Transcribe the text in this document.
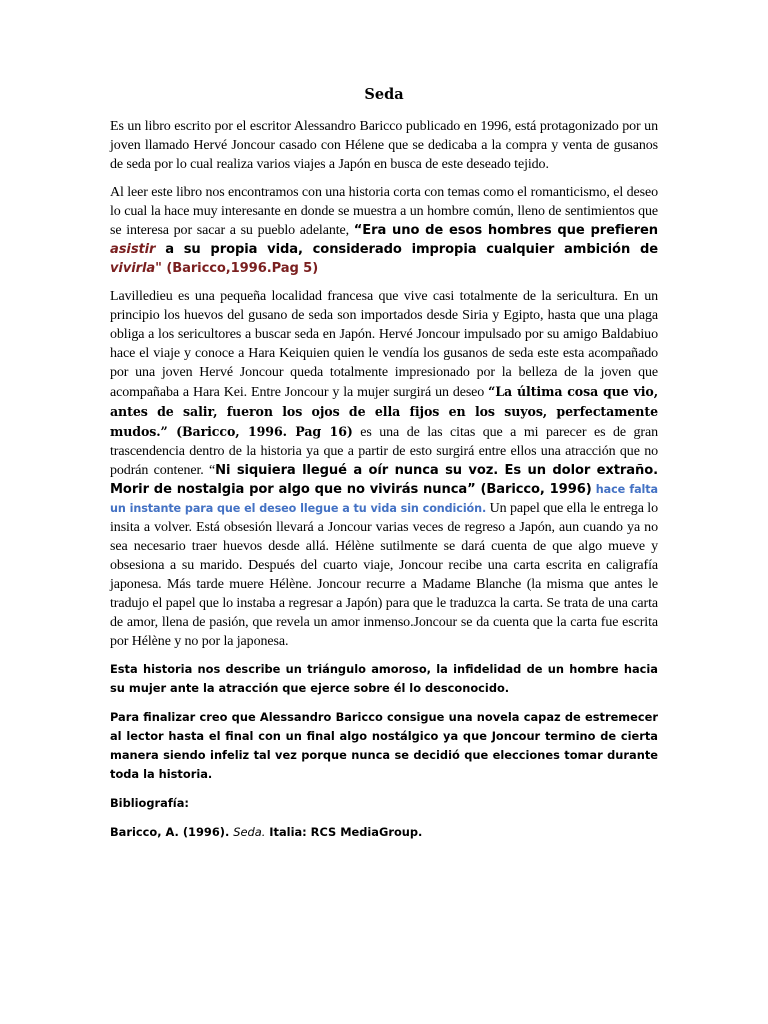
Seda

Es un libro escrito por el escritor Alessandro Baricco publicado en 1996, está protagonizado por un joven llamado Hervé Joncour casado con Hélene que se dedicaba a la compra y venta de gusanos de seda por lo cual realiza varios viajes a Japón en busca de este deseado tejido.

Al leer este libro nos encontramos con una historia corta con temas como el romanticismo, el deseo lo cual la hace muy interesante en donde se muestra a un hombre común, lleno de sentimientos que se interesa por sacar a su pueblo adelante, “Era uno de esos hombres que prefieren asistir a su propia vida, considerado impropia cualquier ambición de vivirla" (Baricco,1996.Pag 5)

Lavilledieu es una pequeña localidad francesa que vive casi totalmente de la sericultura. En un principio los huevos del gusano de seda son importados desde Siria y Egipto, hasta que una plaga obliga a los sericultores a buscar seda en Japón. Hervé Joncour impulsado por su amigo Baldabiuo hace el viaje y conoce a Hara Keiquien quien le vendía los gusanos de seda este esta acompañado por una joven Hervé Joncour queda totalmente impresionado por la belleza de la joven que acompañaba a Hara Kei. Entre Joncour y la mujer surgirá un deseo “La última cosa que vio, antes de salir, fueron los ojos de ella fijos en los suyos, perfectamente mudos.” (Baricco, 1996. Pag 16) es una de las citas que a mi parecer es de gran trascendencia dentro de la historia ya que a partir de esto surgirá entre ellos una atracción que no podrán contener. “Ni siquiera llegué a oír nunca su voz. Es un dolor extraño. Morir de nostalgia por algo que no vivirás nunca” (Baricco, 1996) hace falta un instante para que el deseo llegue a tu vida sin condición. Un papel que ella le entrega lo insita a volver. Está obsesión llevará a Joncour varias veces de regreso a Japón, aun cuando ya no sea necesario traer huevos desde allá. Hélène sutilmente se dará cuenta de que algo mueve y obsesiona a su marido. Después del cuarto viaje, Joncour recibe una carta escrita en caligrafía japonesa. Más tarde muere Hélène. Joncour recurre a Madame Blanche (la misma que antes le tradujo el papel que lo instaba a regresar a Japón) para que le traduzca la carta. Se trata de una carta de amor, llena de pasión, que revela un amor inmenso.Joncour se da cuenta que la carta fue escrita por Hélène y no por la japonesa.

Esta historia nos describe un triángulo amoroso, la infidelidad de un hombre hacia su mujer ante la atracción que ejerce sobre él lo desconocido.

Para finalizar creo que Alessandro Baricco consigue una novela capaz de estremecer al lector hasta el final con un final algo nostálgico ya que Joncour termino de cierta manera siendo infeliz tal vez porque nunca se decidió que elecciones tomar durante toda la historia.

Bibliografía:

Baricco, A. (1996). Seda. Italia: RCS MediaGroup.
